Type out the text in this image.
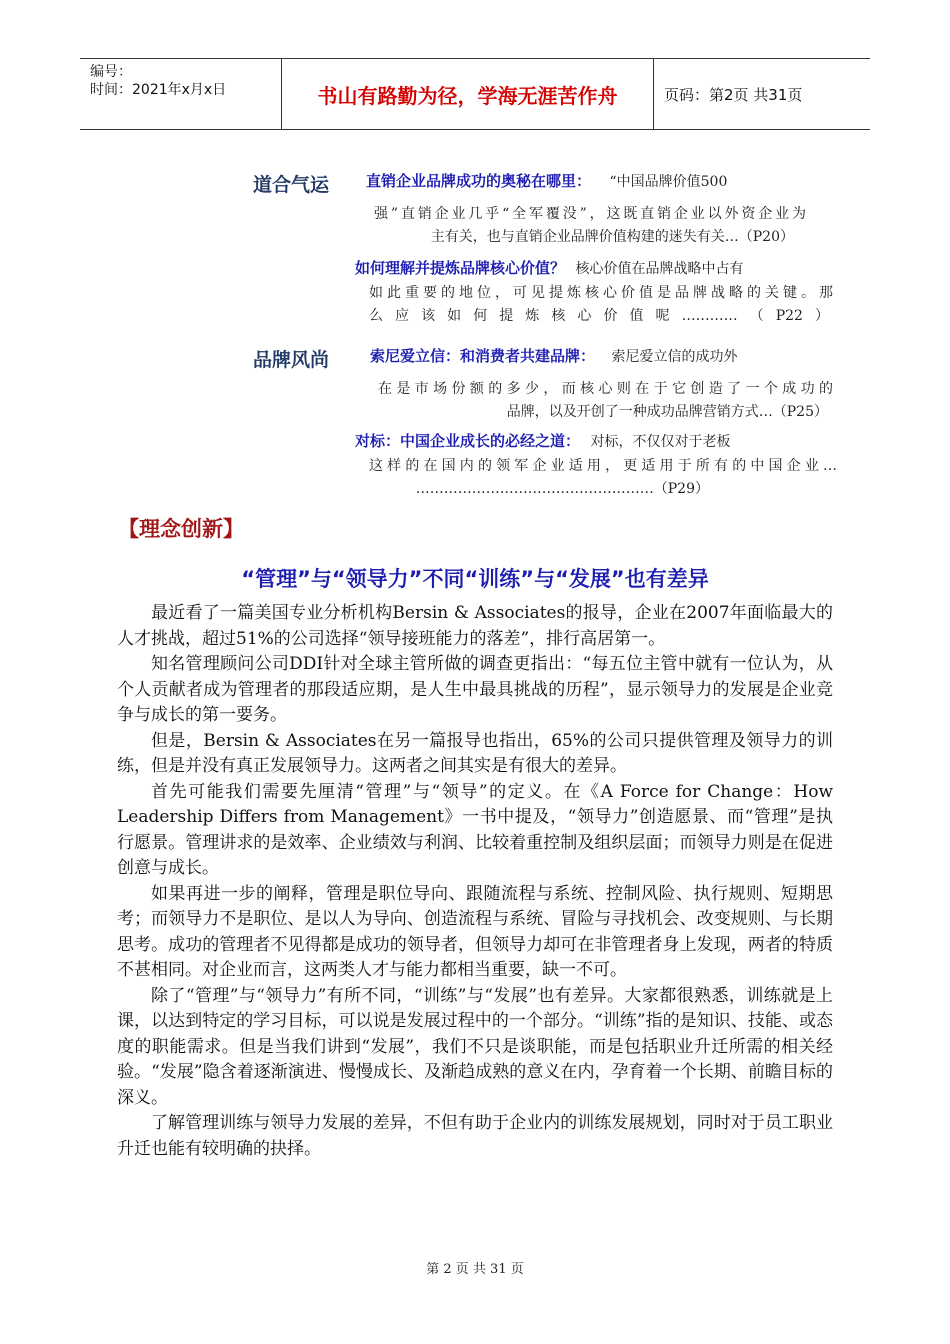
编号：
时间：2021年x月x日	书山有路勤为径，学海无涯苦作舟	页码：第2页 共31页
道合气运 直销企业品牌成功的奥秘在哪里： “中国品牌价值500

强”直销企业几乎“全军覆没”，这既直销企业以外资企业为

主有关，也与直销企业品牌价值构建的迷失有关…（P20）

如何理解并提炼品牌核心价值？ 核心价值在品牌战略中占有

如此重要的地位，可见提炼核心价值是品牌战略的关键。那

么应该如何提炼核心价值呢…………（P22）

品牌风尚	索尼爱立信：和消费者共建品牌： 索尼爱立信的成功外

在是市场份额的多少，而核心则在于它创造了一个成功的

品牌，以及开创了一种成功品牌营销方式…（P25）

对标：中国企业成长的必经之道： 对标，不仅仅对于老板

这样的在国内的领军企业适用，更适用于所有的中国企业…

……………………………………………（P29）

【理念创新】
“管理”与“领导力”不同“训练”与“发展”也有差异

最近看了一篇美国专业分析机构Bersin & Associates的报导，企业在2007年面临最大的人才挑战，超过51%的公司选择“领导接班能力的落差”，排行高居第一。

知名管理顾问公司DDI针对全球主管所做的调查更指出：“每五位主管中就有一位认为，从个人贡献者成为管理者的那段适应期，是人生中最具挑战的历程”，显示领导力的发展是企业竞争与成长的第一要务。

但是，Bersin & Associates在另一篇报导也指出，65%的公司只提供管理及领导力的训练，但是并没有真正发展领导力。这两者之间其实是有很大的差异。

首先可能我们需要先厘清“管理”与“领导”的定义。在《A Force for Change：How Leadership Differs from Management》一书中提及，“领导力”创造愿景、而“管理”是执行愿景。管理讲求的是效率、企业绩效与利润、比较着重控制及组织层面；而领导力则是在促进创意与成长。

如果再进一步的阐释，管理是职位导向、跟随流程与系统、控制风险、执行规则、短期思考；而领导力不是职位、是以人为导向、创造流程与系统、冒险与寻找机会、改变规则、与长期思考。成功的管理者不见得都是成功的领导者，但领导力却可在非管理者身上发现，两者的特质不甚相同。对企业而言，这两类人才与能力都相当重要，缺一不可。

除了“管理”与“领导力”有所不同，“训练”与“发展”也有差异。大家都很熟悉，训练就是上课，以达到特定的学习目标，可以说是发展过程中的一个部分。“训练”指的是知识、技能、或态度的职能需求。但是当我们讲到“发展”，我们不只是谈职能，而是包括职业升迁所需的相关经验。“发展”隐含着逐渐演进、慢慢成长、及渐趋成熟的意义在内，孕育着一个长期、前瞻目标的深义。

了解管理训练与领导力发展的差异，不但有助于企业内的训练发展规划，同时对于员工职业升迁也能有较明确的抉择。

第 2 页 共 31 页
